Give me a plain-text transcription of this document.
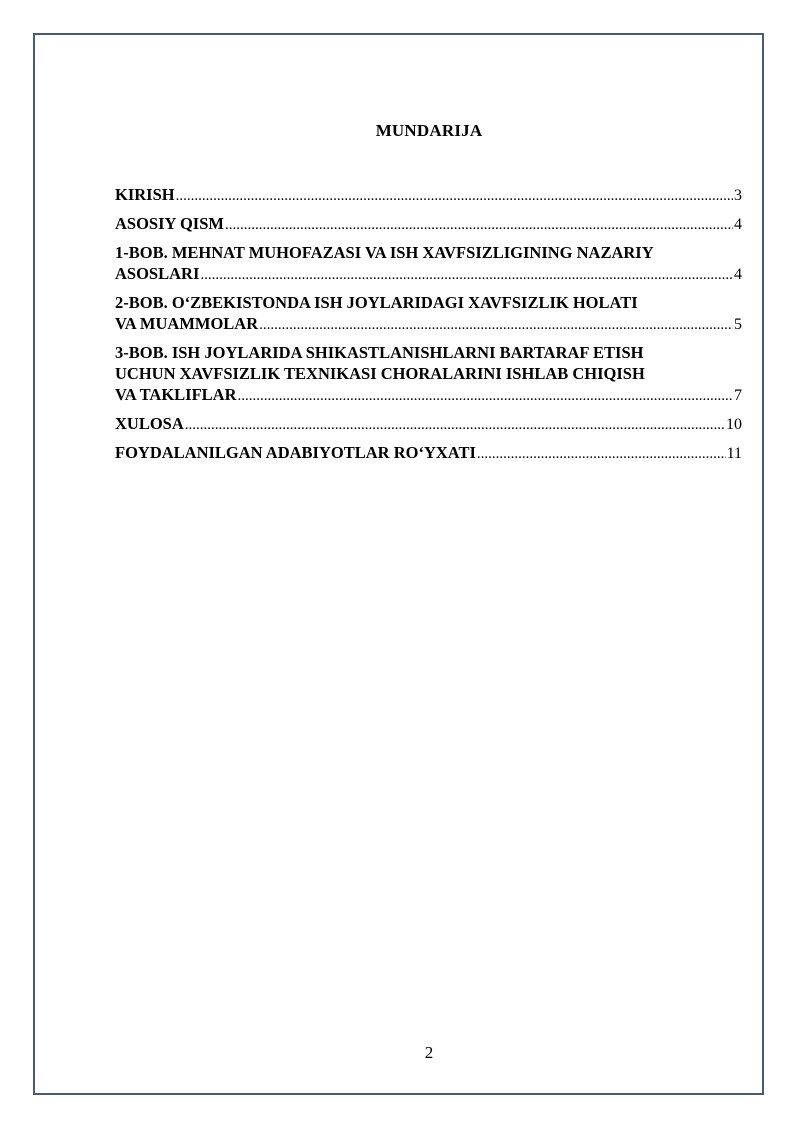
MUNDARIJA
KIRISH .....	3
ASOSIY QISM .....	4
1-BOB. MEHNAT MUHOFAZASI VA ISH XAVFSIZLIGINING NAZARIY
ASOSLARI .....	4
2-BOB. O‘ZBEKISTONDA ISH JOYLARIDAGI XAVFSIZLIK HOLATI
VA MUAMMOLAR .....	5
3-BOB. ISH JOYLARIDA SHIKASTLANISHLARNI BARTARAF ETISH
UCHUN XAVFSIZLIK TEXNIKASI CHORALARINI ISHLAB CHIQISH
VA TAKLIFLAR .....	7
XULOSA .....	10
FOYDALANILGAN ADABIYOTLAR RO‘YXATI .....	11
2
